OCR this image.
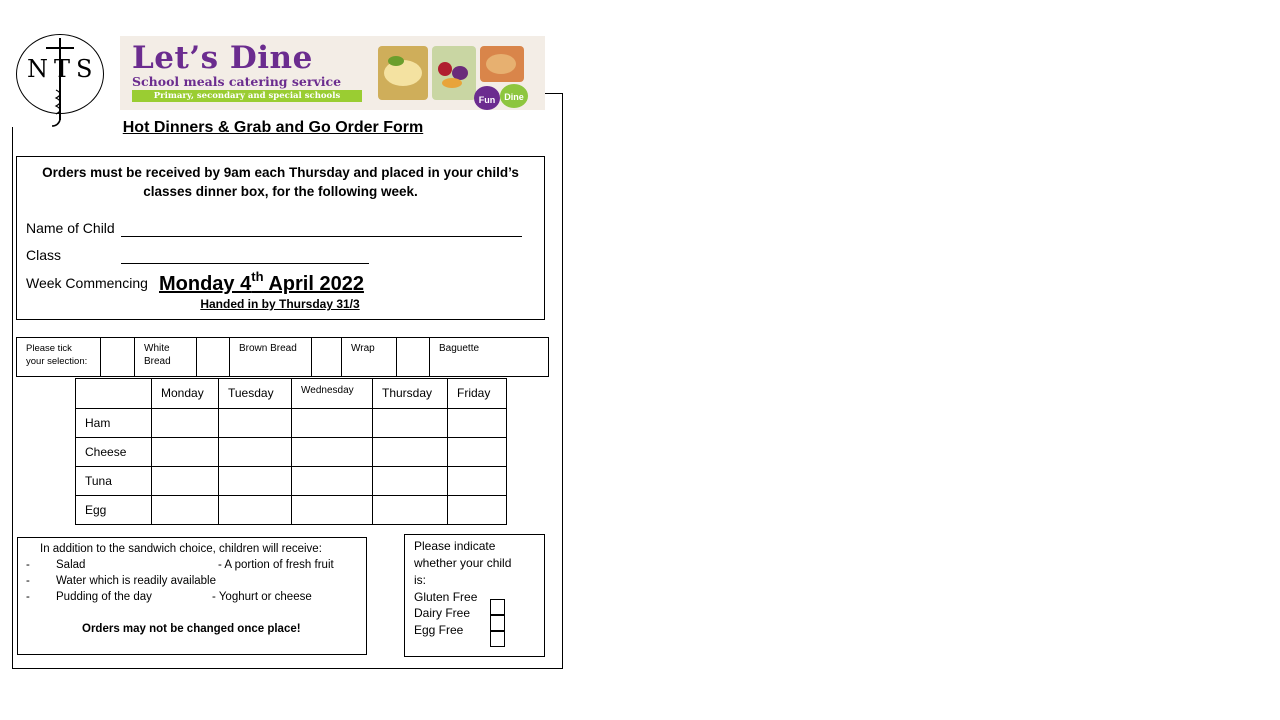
NTS Let’s Dine
School meals catering service
Primary, secondary and special schools	Fun Dine
Hot Dinners & Grab and Go Order Form
Orders must be received by 9am each Thursday and placed in your child’s
classes dinner box, for the following week.
Name of Child
Class
Week Commencing Monday 4th April 2022
Handed in by Thursday 31/3
Please tick
your selection:
White Bread
Brown Bread	Wrap	Baguette
Monday	Tuesday	Wednesday	Thursday	Friday
Ham
Cheese
Tuna
Egg
In addition to the sandwich choice, children will receive:
- Salad	- A portion of fresh fruit
- Water which is readily available
- Pudding of the day	- Yoghurt or cheese
Orders may not be changed once place!
Please indicate
whether your child
is:
Gluten Free
Dairy Free
Egg Free
